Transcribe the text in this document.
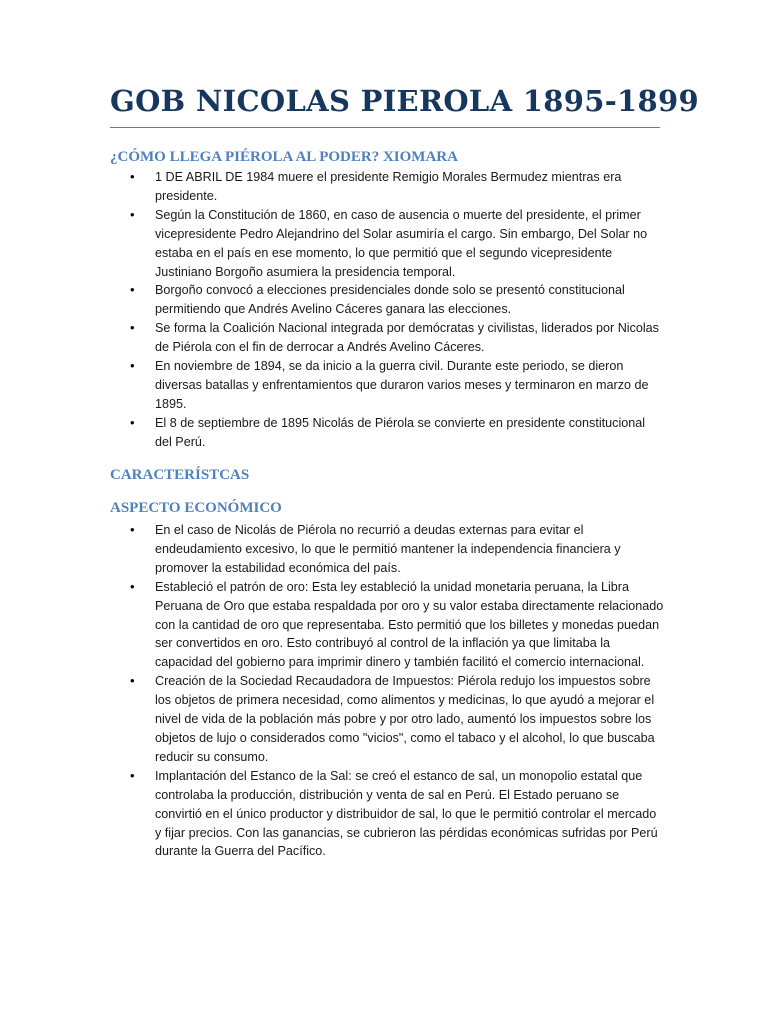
GOB NICOLAS PIEROLA 1895-1899
¿CÓMO LLEGA PIÉROLA AL PODER? XIOMARA
• 1 DE ABRIL DE 1984 muere el presidente Remigio Morales Bermudez mientras era presidente.
• Según la Constitución de 1860, en caso de ausencia o muerte del presidente, el primer vicepresidente Pedro Alejandrino del Solar asumiría el cargo. Sin embargo, Del Solar no estaba en el país en ese momento, lo que permitió que el segundo vicepresidente Justiniano Borgoño asumiera la presidencia temporal.
• Borgoño convocó a elecciones presidenciales donde solo se presentó constitucional permitiendo que Andrés Avelino Cáceres ganara las elecciones.
• Se forma la Coalición Nacional integrada por demócratas y civilistas, liderados por Nicolas de Piérola con el fin de derrocar a Andrés Avelino Cáceres.
• En noviembre de 1894, se da inicio a la guerra civil. Durante este periodo, se dieron diversas batallas y enfrentamientos que duraron varios meses y terminaron en marzo de 1895.
• El 8 de septiembre de 1895 Nicolás de Piérola se convierte en presidente constitucional del Perú.
CARACTERÍSTCAS
ASPECTO ECONÓMICO
• En el caso de Nicolás de Piérola no recurrió a deudas externas para evitar el endeudamiento excesivo, lo que le permitió mantener la independencia financiera y promover la estabilidad económica del país.
• Estableció el patrón de oro: Esta ley estableció la unidad monetaria peruana, la Libra Peruana de Oro que estaba respaldada por oro y su valor estaba directamente relacionado con la cantidad de oro que representaba. Esto permitió que los billetes y monedas puedan ser convertidos en oro. Esto contribuyó al control de la inflación ya que limitaba la capacidad del gobierno para imprimir dinero y también facilitó el comercio internacional.
• Creación de la Sociedad Recaudadora de Impuestos: Piérola redujo los impuestos sobre los objetos de primera necesidad, como alimentos y medicinas, lo que ayudó a mejorar el nivel de vida de la población más pobre y por otro lado, aumentó los impuestos sobre los objetos de lujo o considerados como "vicios", como el tabaco y el alcohol, lo que buscaba reducir su consumo.
• Implantación del Estanco de la Sal: se creó el estanco de sal, un monopolio estatal que controlaba la producción, distribución y venta de sal en Perú. El Estado peruano se convirtió en el único productor y distribuidor de sal, lo que le permitió controlar el mercado y fijar precios. Con las ganancias, se cubrieron las pérdidas económicas sufridas por Perú durante la Guerra del Pacífico.
